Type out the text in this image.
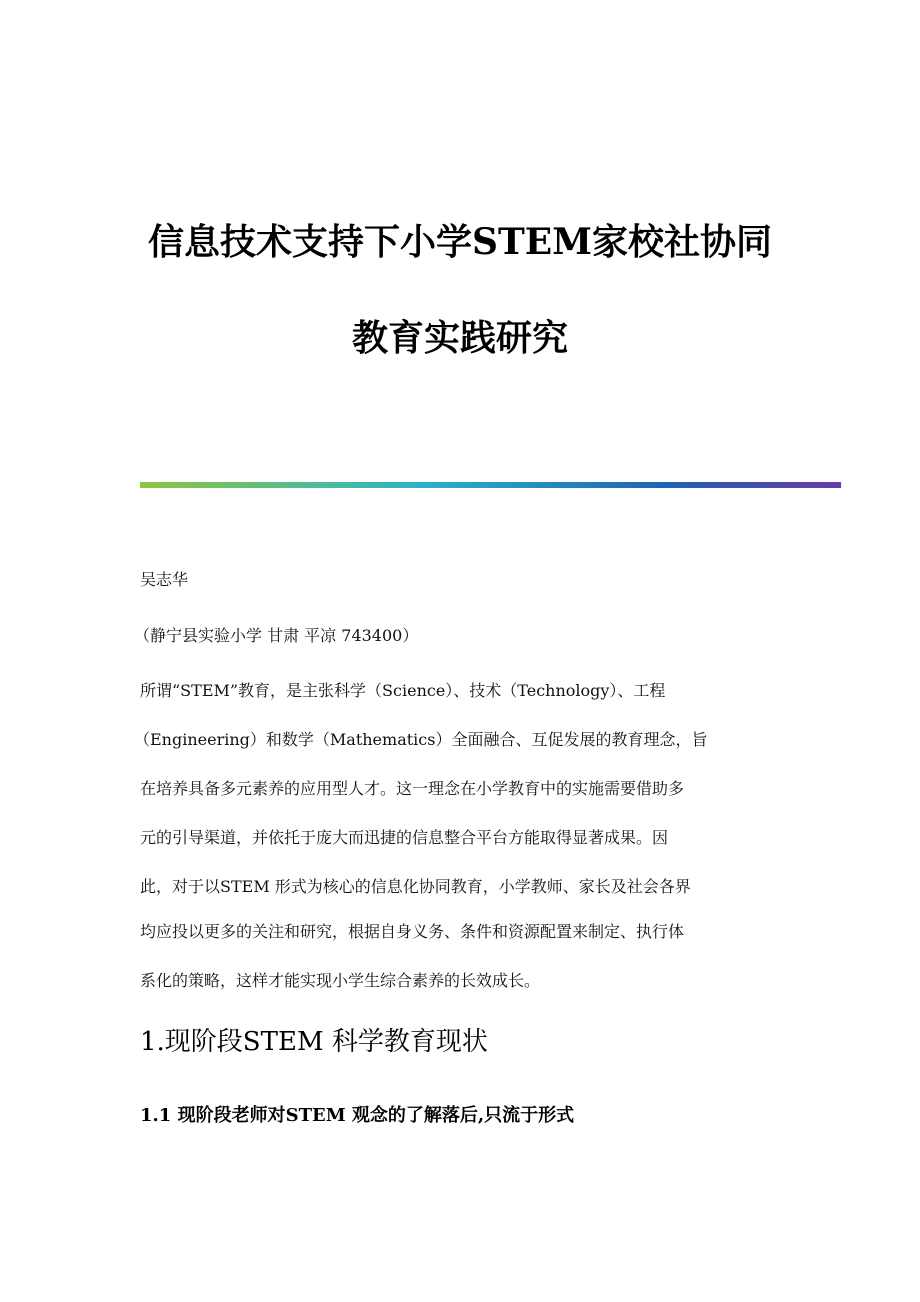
信息技术支持下小学STEM家校社协同
教育实践研究
吴志华
（静宁县实验小学 甘肃 平凉 743400）
所谓“STEM”教育，是主张科学（Science）、技术（Technology）、工程
（Engineering）和数学（Mathematics）全面融合、互促发展的教育理念，旨
在培养具备多元素养的应用型人才。这一理念在小学教育中的实施需要借助多
元的引导渠道，并依托于庞大而迅捷的信息整合平台方能取得显著成果。因
此，对于以STEM 形式为核心的信息化协同教育，小学教师、家长及社会各界
均应投以更多的关注和研究，根据自身义务、条件和资源配置来制定、执行体
系化的策略，这样才能实现小学生综合素养的长效成长。
1.现阶段STEM 科学教育现状
1.1 现阶段老师对STEM 观念的了解落后,只流于形式
